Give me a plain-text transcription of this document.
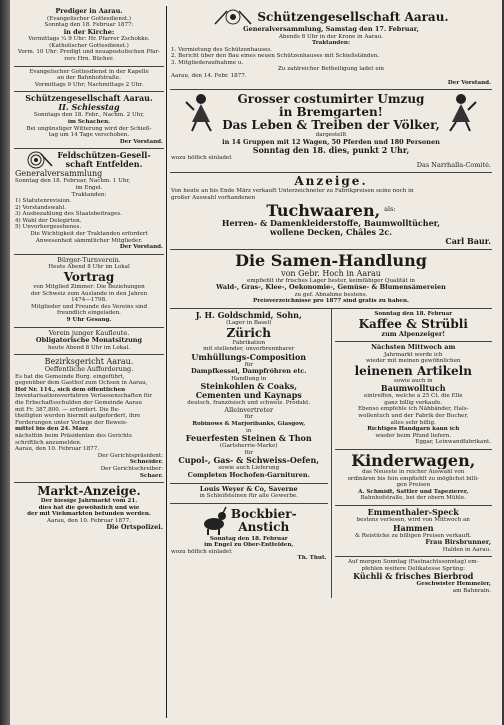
Prediger in Aarau.
(Evangelischer Gottesdienst.)
Sonntag den 18. Februar 1877:
in der Kirche:
Vormittags ¼ 9 Uhr: Hr. Pfarrer Zschokke.
(Katholischer Gottesdienst.)
Vorm. 10 Uhr: Predigt und neuapostolischen Pfar-
rers Hrn. Bücher.
Evangelischer Gottesdienst in der Kapelle
an der Bahnhofstraße.
Vormittags 9 Uhr; Nachmittags 2 Uhr.
Schützengesellschaft Aarau.
II. Schiesstag
Sonntags den 18. Febr., Nachm. 2 Uhr,
im Schachen.
Bei ungünstiger Witterung wird der Schieß-
tag um 14 Tage verschoben.
Der Vorstand.
Feldschützen-Gesell-
schaft Entfelden.
Generalversammlung
Sonntag den 18. Februar, Nachm. 1 Uhr,
im Engel.
Traktanden:
1) Statutenrevision.
2) Vorstandswahl.
3) Ausbezahlung des Staatsbeitrages.
4) Wahl der Delegirten.
5) Unvorhergesehenes.
Die Wichtigkeit der Traktanden erfordert
Anwesenheit sämmtlicher Mitglieder.
Der Vorstand.
Bürger-Turnverein.
Heute Abend 8 Uhr im Lokal
Vortrag
von Mitglied Zimmer: Die Beziehungen
der Schweiz zum Auslande in den Jahren
1474—1798.
Mitglieder und Freunde des Vereins sind
freundlich eingeladen.
9 Uhr Gesang.
Verein junger Kaufleute.
Obligatorische Monatsitzung
heute Abend 8 Uhr im Lokal.
Bezirksgericht Aarau.
Oeffentliche Aufforderung.
Es hat die Gemeinde Burg. eingeführt,
gegenüber dem Gasthof zum Ochsen in Aarau,
Hof Nr. 114., sich dem öffentlichen
Inventarisationsverfahren Verlassenschaften für
die Erbschaftsschulden der Gemeinde Aarau
mit Fr. 387,800. — erfordert. Die Be-
theiligten werden hiermit aufgefordert, ihre
Forderungen unter Vorlage der Beweis-
mittel bis den 24. März
nächsthin beim Präsidenten des Gerichts
schriftlich anzumelden.
Aarau, den 10. Februar 1877.
Der Gerichtspräsident:
Schneider.
Der Gerichtschreiber:
Schaer.
Markt-Anzeige.
Der hiesige Jahrmarkt vom 21.
dies hat die gewöhnlich und wie
der mit Viehmarkten befunden werden.
Aarau, den 10. Februar 1877.
Die Ortspolizei.
Schützengesellschaft Aarau.
Generalversammlung, Samstag den 17. Februar,
Abends 8 Uhr in der Krone in Aarau.
Traktanden:
1. Vermietung des Schützenhauses.
2. Bericht über den Bau eines neuen Schützenhauses mit Schießständen.
3. Mitgliederaufnahme u.
Zu zahlreicher Betheiligung ladet ein
Aarau, den 14. Febr. 1877.
Der Vorstand.
Grosser costumirter Umzug
in Bremgarten!
Das Leben & Treiben der Völker,
dargestellt
in 14 Gruppen mit 12 Wagen, 50 Pferden und 180 Personen
Sonntag den 18. dies, punkt 2 Uhr,
wozu höflich einladet
Das Narrhalla-Comité.
Anzeige.
Von heute an bis Ende März verkauft Unterzeichneter zu Fabrikpreisen seine noch in
großer Auswahl vorhandenen
Tuchwaaren, als:
Herren- & Damenkleiderstoffe, Baumwolltücher,
wollene Decken, Châles 2c.
Carl Baur.
Die Samen-Handlung
von Gebr. Hoch in Aarau
empfiehlt ihr frisches Lager bester, keimfähiger Qualität in
Wald-, Gras-, Klee-, Oekonomie-, Gemüse- & Blumensämereien
zu gef. Abnahme bestens.
Preisverzeichnisse pro 1877 sind gratis zu haben.
J. H. Goldschmid, Sohn,
(Lager in Basel)
Zürich
Fabrikation
mit stellender, unverbrennbarer
Umhüllungs-Composition
für
Dampfkessel, Dampfröhren etc.
Handlung in
Steinkohlen & Coaks,
Cementen und Kaynaps
deutsch, französisch und schweiz. Produkt.
Alleinvertreter
für
Robinows & Marjoribanks, Glasgow,
in
Feuerfesten Steinen & Thon
(Gartsherrie-Marke)
für
Cupol-, Gas- & Schweiss-Oefen,
sowie auch Lieferung
Completen Hochofen-Garnituren.
Louis Weyer & Co, Saverne
in Schleifsteinen für alle Gewerbe.
Bockbier-
Anstich
Sonntag den 18. Februar
im Engel zu Ober-Entfelden,
wozu höflich einladet
Th. Thut.
Sonntag den 18. Februar
Kaffee & Strübli
zum Alpenzeiger!
Nächsten Mittwoch am
Jahrmarkt werde ich
wieder mit meinen gewöhnlichen
leinenen Artikeln
sowie auch in
Baumwolltuch
eintreffen, welche à 25 Ct. die Elle
ganz billig verkaufe.
Ebenso empfehle ich Nähbänder, Hals-
wollentuch und der Fabrik der Bucher,
alles sehr billig.
Richtiges Handgarn kann ich
wieder beim Pfund liefern.
Eggar, Leinwandfabrikant.
Kinderwagen,
das Neueste in reicher Auswahl von
ordinären bis fein empfiehlt zu möglichst billi-
gen Preisen
A. Schmidt, Sattler und Tapezierer,
Bahnhofstraße, bei der obern Mühle.
Emmenthaler-Speck
bestens verlesen, wird von Mittwoch an
Hammen
& Reistücke zu billigen Preisen verkauft.
Frau Birsbrunner,
Halden in Aarau.
Auf morgen Sonntag (Fastnachtssonntag) em-
pfehlen weitere Delikatesse Sprüng:
Küchli & frisches Bierbrod
Geschwister Hemmeler,
am Bahnrain.
